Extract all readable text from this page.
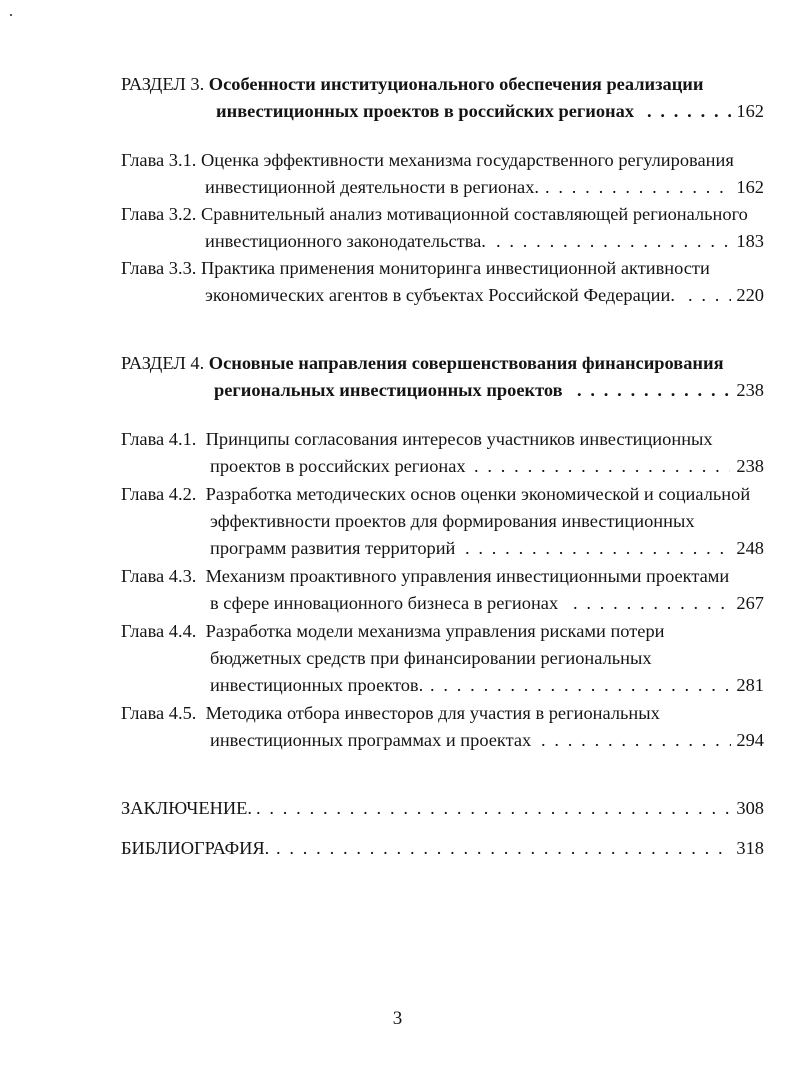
РАЗДЕЛ 3. Особенности институционального обеспечения реализации
инвестиционных проектов в российских регионах . . .	162
Глава 3.1. Оценка эффективности механизма государственного регулирования
инвестиционной деятельности в регионах. . . .	162
Глава 3.2. Сравнительный анализ мотивационной составляющей регионального
инвестиционного законодательства. . . .	183
Глава 3.3. Практика применения мониторинга инвестиционной активности
экономических агентов в субъектах Российской Федерации. . . .	220
РАЗДЕЛ 4. Основные направления совершенствования финансирования
региональных инвестиционных проектов . . .	238
Глава 4.1. Принципы согласования интересов участников инвестиционных
проектов в российских регионах . . .	238
Глава 4.2. Разработка методических основ оценки экономической и социальной
эффективности проектов для формирования инвестиционных
программ развития территорий . . .	248
Глава 4.3. Механизм проактивного управления инвестиционными проектами
в сфере инновационного бизнеса в регионах . . .	267
Глава 4.4. Разработка модели механизма управления рисками потери
бюджетных средств при финансировании региональных
инвестиционных проектов. . . .	281
Глава 4.5. Методика отбора инвесторов для участия в региональных
инвестиционных программах и проектах . . .	294
ЗАКЛЮЧЕНИЕ. . . .	308
БИБЛИОГРАФИЯ. . . .	318
3
